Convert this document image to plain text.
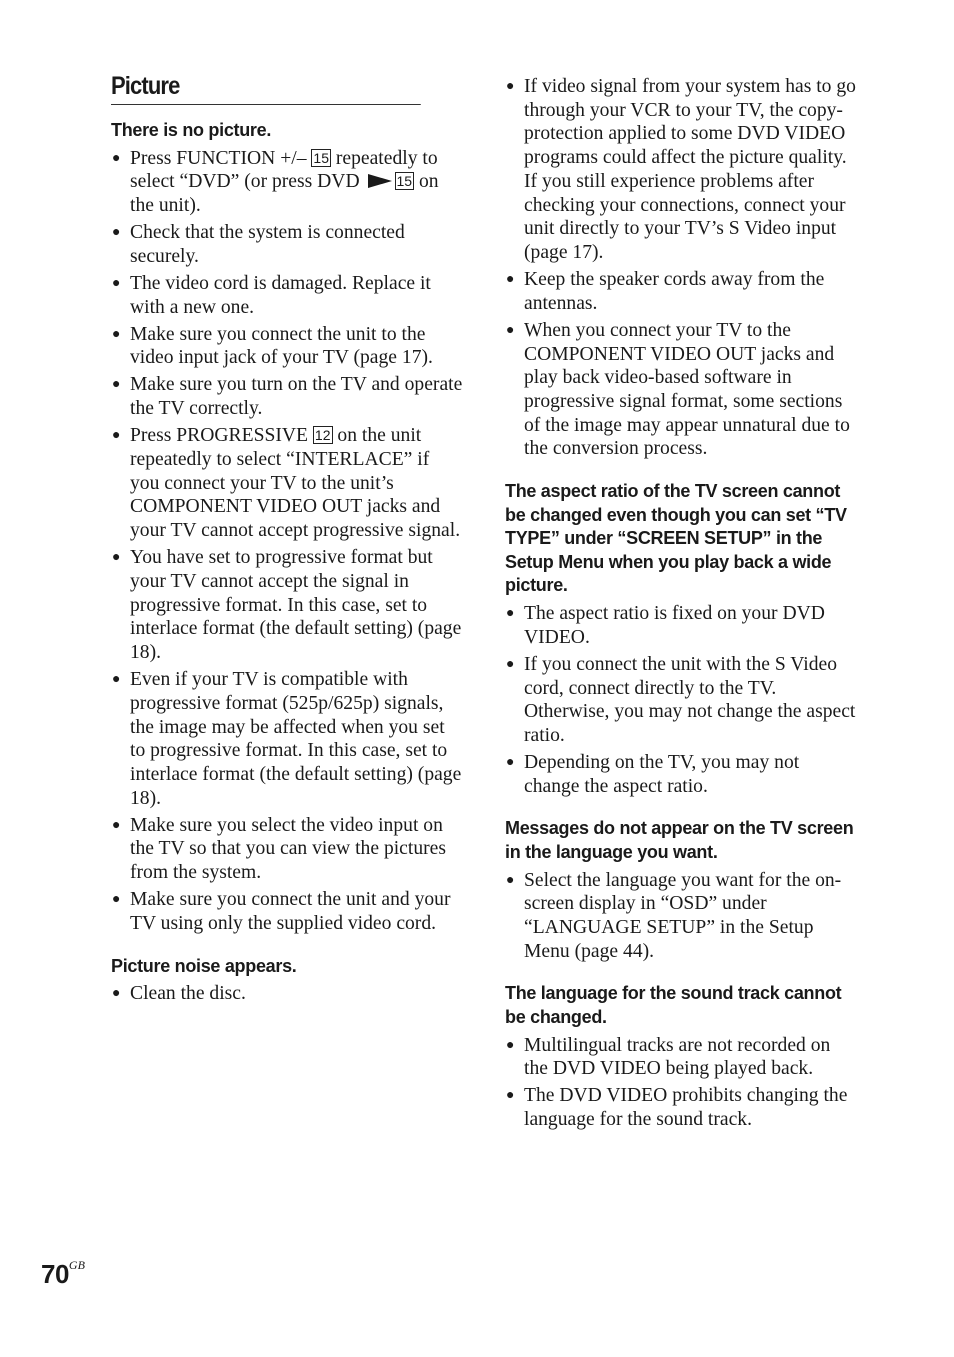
Picture
There is no picture.
● Press FUNCTION +/– 15 repeatedly to select “DVD” (or press DVD 15 on the unit).
● Check that the system is connected securely.
● The video cord is damaged. Replace it with a new one.
● Make sure you connect the unit to the video input jack of your TV (page 17).
● Make sure you turn on the TV and operate the TV correctly.
● Press PROGRESSIVE 12 on the unit repeatedly to select “INTERLACE” if you connect your TV to the unit’s COMPONENT VIDEO OUT jacks and your TV cannot accept progressive signal.
● You have set to progressive format but your TV cannot accept the signal in progressive format. In this case, set to interlace format (the default setting) (page 18).
● Even if your TV is compatible with progressive format (525p/625p) signals, the image may be affected when you set to progressive format. In this case, set to interlace format (the default setting) (page 18).
● Make sure you select the video input on the TV so that you can view the pictures from the system.
● Make sure you connect the unit and your TV using only the supplied video cord.
Picture noise appears.
● Clean the disc.
● If video signal from your system has to go through your VCR to your TV, the copy-protection applied to some DVD VIDEO programs could affect the picture quality. If you still experience problems after checking your connections, connect your unit directly to your TV’s S Video input (page 17).
● Keep the speaker cords away from the antennas.
● When you connect your TV to the COMPONENT VIDEO OUT jacks and play back video-based software in progressive signal format, some sections of the image may appear unnatural due to the conversion process.
The aspect ratio of the TV screen cannot be changed even though you can set “TV TYPE” under “SCREEN SETUP” in the Setup Menu when you play back a wide picture.
● The aspect ratio is fixed on your DVD VIDEO.
● If you connect the unit with the S Video cord, connect directly to the TV. Otherwise, you may not change the aspect ratio.
● Depending on the TV, you may not change the aspect ratio.
Messages do not appear on the TV screen in the language you want.
● Select the language you want for the on-screen display in “OSD” under “LANGUAGE SETUP” in the Setup Menu (page 44).
The language for the sound track cannot be changed.
● Multilingual tracks are not recorded on the DVD VIDEO being played back.
● The DVD VIDEO prohibits changing the language for the sound track.
$70^{GB}$
